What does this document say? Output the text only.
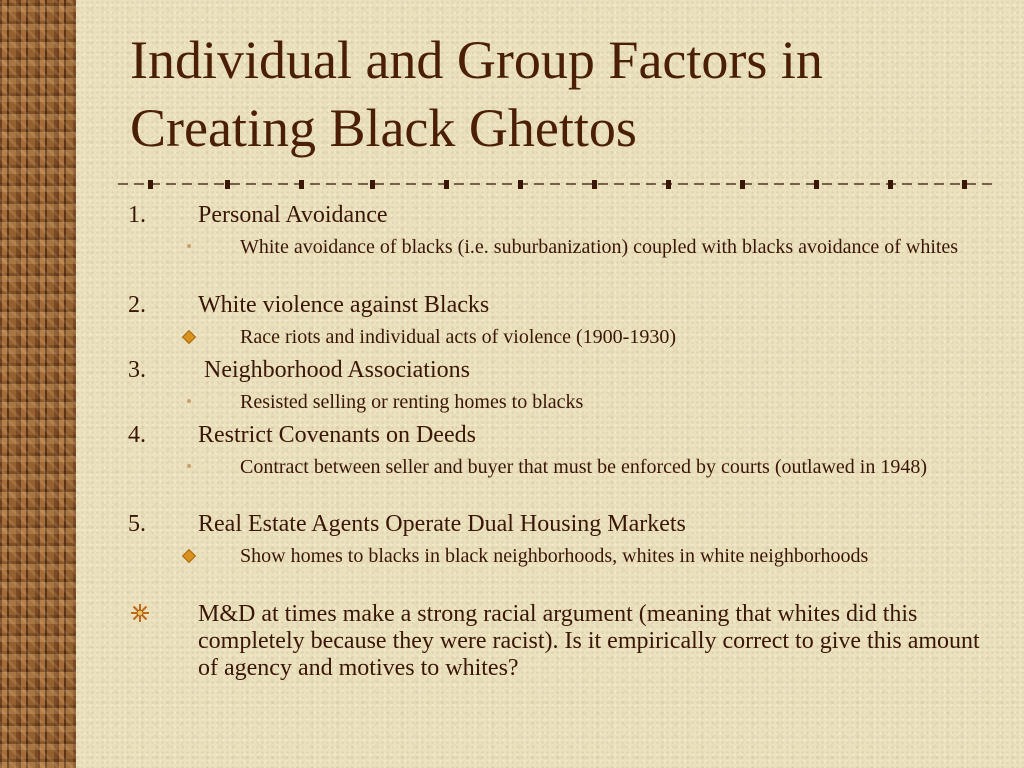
Individual and Group Factors in Creating Black Ghettos
1. Personal Avoidance
White avoidance of blacks (i.e. suburbanization) coupled with blacks avoidance of whites
2. White violence against Blacks
Race riots and individual acts of violence (1900-1930)
3. Neighborhood Associations
Resisted selling or renting homes to blacks
4. Restrict Covenants on Deeds
Contract between seller and buyer that must be enforced by courts (outlawed in 1948)
5. Real Estate Agents Operate Dual Housing Markets
Show homes to blacks in black neighborhoods, whites in white neighborhoods
M&D at times make a strong racial argument (meaning that whites did this completely because they were racist). Is it empirically correct to give this amount of agency and motives to whites?
